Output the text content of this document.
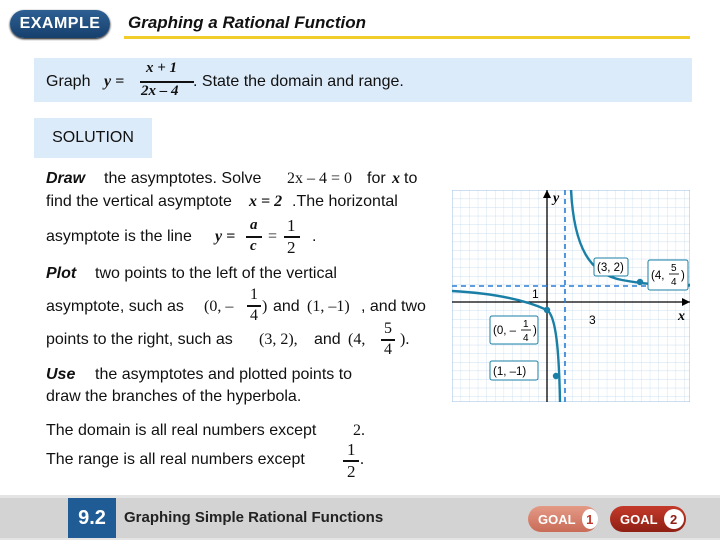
EXAMPLE	Graphing a Rational Function
Graph y =
x + 1
2x – 4
. State the domain and range.
SOLUTION
Draw the asymptotes. Solve 2x – 4 = 0 for x to
find the vertical asymptote x = 2 .The horizontal
asymptote is the line y =
a
c
=
1
2
.
Plot two points to the left of the vertical
asymptote, such as (0, –
1
4
) and (1, –1) , and two
points to the right, such as (3, 2), and (4,
5
4
).
Use the asymptotes and plotted points to
draw the branches of the hyperbola.
The domain is all real numbers except 2.
The range is all real numbers except
1
2
.
y
x
1
3
(3, 2)
(4,
5
4
)
(0, –
1
4
)
(1, –1)
9.2	Graphing Simple Rational Functions	GOAL 1	GOAL 2
